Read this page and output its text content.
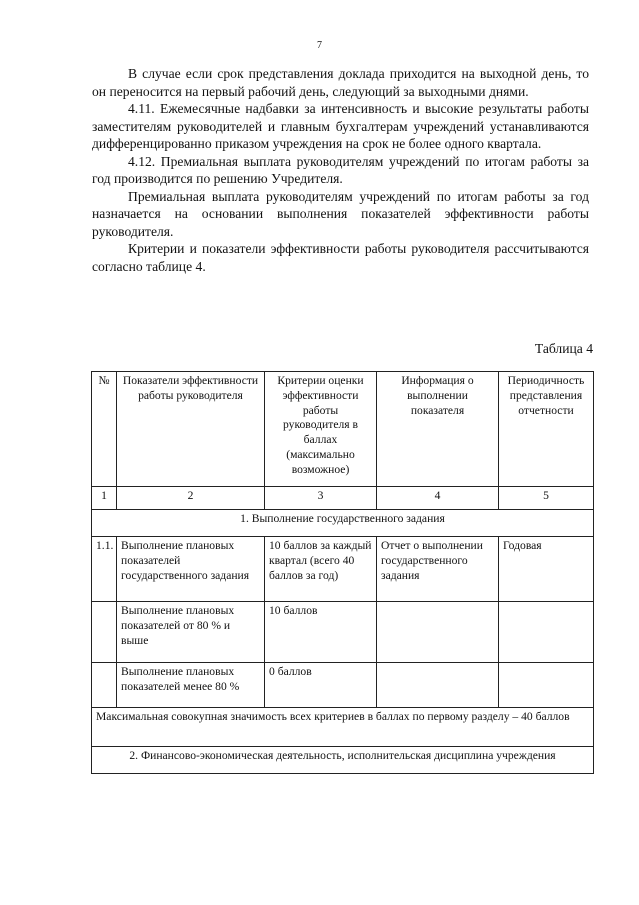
7

В случае если срок представления доклада приходится на выходной день, то он переносится на первый рабочий день, следующий за выходными днями.

4.11. Ежемесячные надбавки за интенсивность и высокие результаты работы заместителям руководителей и главным бухгалтерам учреждений устанавливаются дифференцированно приказом учреждения на срок не более одного квартала.

4.12. Премиальная выплата руководителям учреждений по итогам работы за год производится по решению Учредителя.

Премиальная выплата руководителям учреждений по итогам работы за год назначается на основании выполнения показателей эффективности работы руководителя.

Критерии и показатели эффективности работы руководителя рассчитываются согласно таблице 4.

Таблица 4
№	Показатели эффективности работы руководителя	Критерии оценки эффективности работы руководителя в баллах (максимально возможное)	Информация о выполнении показателя	Периодичность представления отчетности
1	2	3	4	5
1. Выполнение государственного задания				
1.1.	Выполнение плановых показателей государственного задания	10 баллов за каждый квартал (всего 40 баллов за год)	Отчет о выполнении государственного задания	Годовая
	Выполнение плановых показателей от 80 % и выше	10 баллов		
	Выполнение плановых показателей менее 80 %	0 баллов		
Максимальная совокупная значимость всех критериев в баллах по первому разделу – 40 баллов				
2. Финансово-экономическая деятельность, исполнительская дисциплина учреждения				
